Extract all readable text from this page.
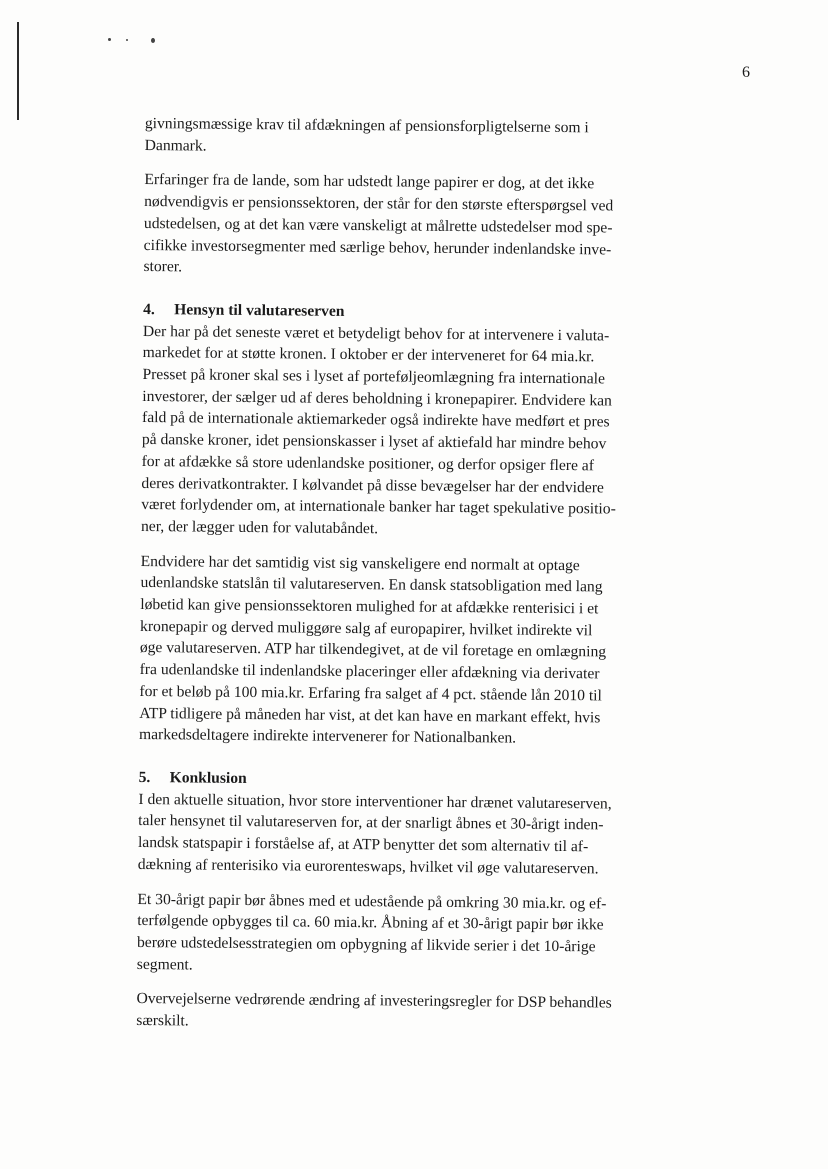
6

givningsmæssige krav til afdækningen af pensionsforpligtelserne som i
Danmark.

Erfaringer fra de lande, som har udstedt lange papirer er dog, at det ikke
nødvendigvis er pensionssektoren, der står for den største efterspørgsel ved
udstedelsen, og at det kan være vanskeligt at målrette udstedelser mod spe-
cifikke investorsegmenter med særlige behov, herunder indenlandske inve-
storer.

4. Hensyn til valutareserven

Der har på det seneste været et betydeligt behov for at intervenere i valuta-
markedet for at støtte kronen. I oktober er der interveneret for 64 mia.kr.
Presset på kroner skal ses i lyset af porteføljeomlægning fra internationale
investorer, der sælger ud af deres beholdning i kronepapirer. Endvidere kan
fald på de internationale aktiemarkeder også indirekte have medført et pres
på danske kroner, idet pensionskasser i lyset af aktiefald har mindre behov
for at afdække så store udenlandske positioner, og derfor opsiger flere af
deres derivatkontrakter. I kølvandet på disse bevægelser har der endvidere
været forlydender om, at internationale banker har taget spekulative positio-
ner, der lægger uden for valutabåndet.

Endvidere har det samtidig vist sig vanskeligere end normalt at optage
udenlandske statslån til valutareserven. En dansk statsobligation med lang
løbetid kan give pensionssektoren mulighed for at afdække renterisici i et
kronepapir og derved muliggøre salg af europapirer, hvilket indirekte vil
øge valutareserven. ATP har tilkendegivet, at de vil foretage en omlægning
fra udenlandske til indenlandske placeringer eller afdækning via derivater
for et beløb på 100 mia.kr. Erfaring fra salget af 4 pct. stående lån 2010 til
ATP tidligere på måneden har vist, at det kan have en markant effekt, hvis
markedsdeltagere indirekte intervenerer for Nationalbanken.

5. Konklusion

I den aktuelle situation, hvor store interventioner har drænet valutareserven,
taler hensynet til valutareserven for, at der snarligt åbnes et 30-årigt inden-
landsk statspapir i forståelse af, at ATP benytter det som alternativ til af-
dækning af renterisiko via eurorenteswaps, hvilket vil øge valutareserven.

Et 30-årigt papir bør åbnes med et udestående på omkring 30 mia.kr. og ef-
terfølgende opbygges til ca. 60 mia.kr. Åbning af et 30-årigt papir bør ikke
berøre udstedelsesstrategien om opbygning af likvide serier i det 10-årige
segment.

Overvejelserne vedrørende ændring af investeringsregler for DSP behandles
særskilt.
